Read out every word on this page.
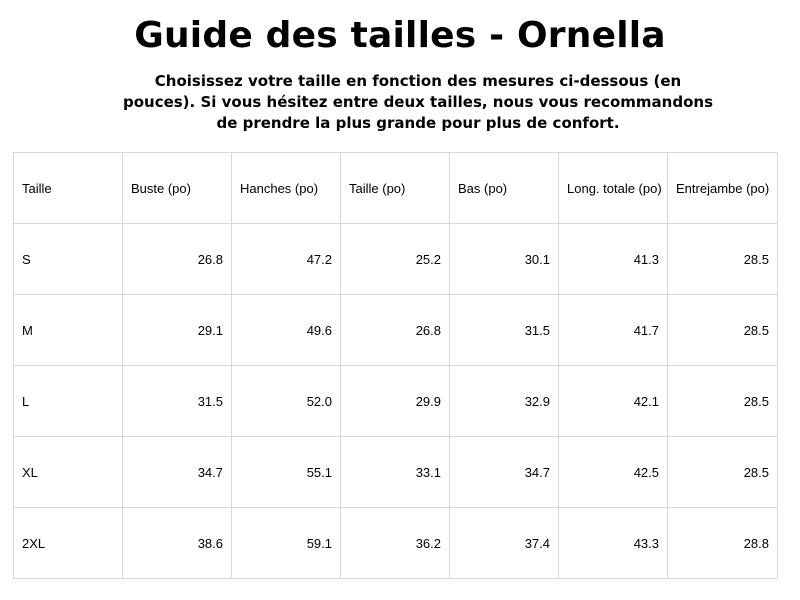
Guide des tailles - Ornella

Choisissez votre taille en fonction des mesures ci-dessous (en pouces). Si vous hésitez entre deux tailles, nous vous recommandons de prendre la plus grande pour plus de confort.

Taille	Buste (po)	Hanches (po)	Taille (po)	Bas (po)	Long. totale (po)	Entrejambe (po)
S	26.8	47.2	25.2	30.1	41.3	28.5
M	29.1	49.6	26.8	31.5	41.7	28.5
L	31.5	52.0	29.9	32.9	42.1	28.5
XL	34.7	55.1	33.1	34.7	42.5	28.5
2XL	38.6	59.1	36.2	37.4	43.3	28.8
